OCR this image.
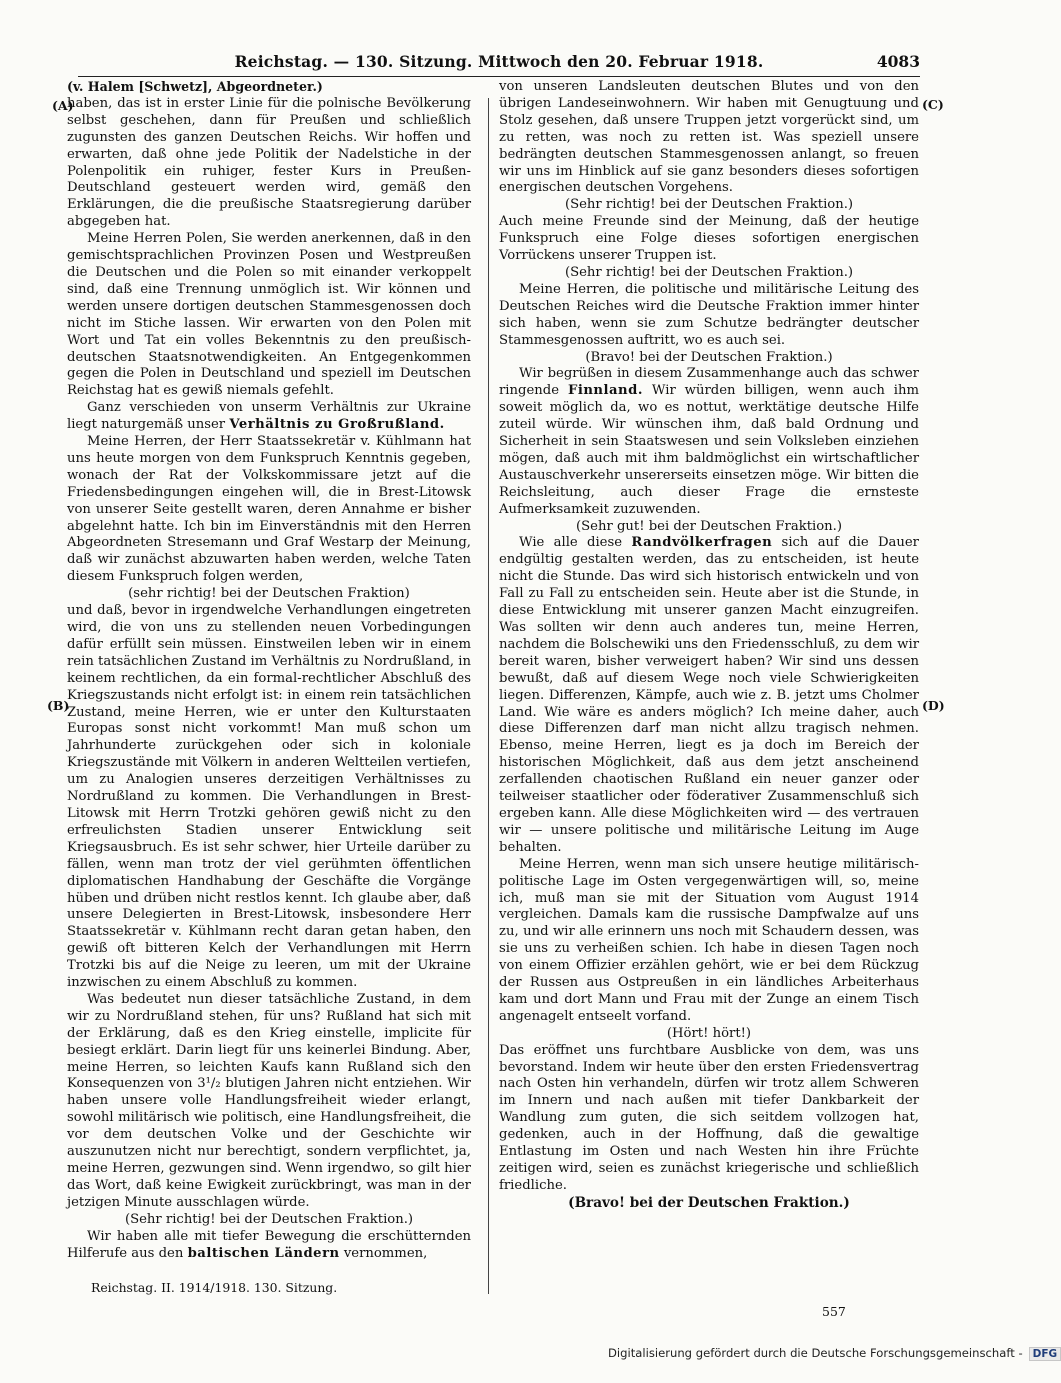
Reichstag. — 130. Sitzung. Mittwoch den 20. Februar 1918.	4083
(A)
(B)
(C)
(D)

(v. Halem [Schwetz], Abgeordneter.)

haben, das ist in erster Linie für die polnische Bevölkerung selbst geschehen, dann für Preußen und schließlich zugunsten des ganzen Deutschen Reichs. Wir hoffen und erwarten, daß ohne jede Politik der Nadelstiche in der Polenpolitik ein ruhiger, fester Kurs in Preußen-Deutschland gesteuert werden wird, gemäß den Erklärungen, die die preußische Staatsregierung darüber abgegeben hat.

Meine Herren Polen, Sie werden anerkennen, daß in den gemischtsprachlichen Provinzen Posen und Westpreußen die Deutschen und die Polen so mit einander verkoppelt sind, daß eine Trennung unmöglich ist. Wir können und werden unsere dortigen deutschen Stammesgenossen doch nicht im Stiche lassen. Wir erwarten von den Polen mit Wort und Tat ein volles Bekenntnis zu den preußisch-deutschen Staatsnotwendigkeiten. An Entgegenkommen gegen die Polen in Deutschland und speziell im Deutschen Reichstag hat es gewiß niemals gefehlt.

Ganz verschieden von unserm Verhältnis zur Ukraine liegt naturgemäß unser Verhältnis zu Großrußland.

Meine Herren, der Herr Staatssekretär v. Kühlmann hat uns heute morgen von dem Funkspruch Kenntnis gegeben, wonach der Rat der Volkskommissare jetzt auf die Friedensbedingungen eingehen will, die in Brest-Litowsk von unserer Seite gestellt waren, deren Annahme er bisher abgelehnt hatte. Ich bin im Einverständnis mit den Herren Abgeordneten Stresemann und Graf Westarp der Meinung, daß wir zunächst abzuwarten haben werden, welche Taten diesem Funkspruch folgen werden,

(sehr richtig! bei der Deutschen Fraktion)

und daß, bevor in irgendwelche Verhandlungen eingetreten wird, die von uns zu stellenden neuen Vorbedingungen dafür erfüllt sein müssen. Einstweilen leben wir in einem rein tatsächlichen Zustand im Verhältnis zu Nordrußland, in keinem rechtlichen, da ein formal-rechtlicher Abschluß des Kriegszustands nicht erfolgt ist: in einem rein tatsächlichen Zustand, meine Herren, wie er unter den Kulturstaaten Europas sonst nicht vorkommt! Man muß schon um Jahrhunderte zurückgehen oder sich in koloniale Kriegszustände mit Völkern in anderen Weltteilen vertiefen, um zu Analogien unseres derzeitigen Verhältnisses zu Nordrußland zu kommen. Die Verhandlungen in Brest-Litowsk mit Herrn Trotzki gehören gewiß nicht zu den erfreulichsten Stadien unserer Entwicklung seit Kriegsausbruch. Es ist sehr schwer, hier Urteile darüber zu fällen, wenn man trotz der viel gerühmten öffentlichen diplomatischen Handhabung der Geschäfte die Vorgänge hüben und drüben nicht restlos kennt. Ich glaube aber, daß unsere Delegierten in Brest-Litowsk, insbesondere Herr Staatssekretär v. Kühlmann recht daran getan haben, den gewiß oft bitteren Kelch der Verhandlungen mit Herrn Trotzki bis auf die Neige zu leeren, um mit der Ukraine inzwischen zu einem Abschluß zu kommen.

Was bedeutet nun dieser tatsächliche Zustand, in dem wir zu Nordrußland stehen, für uns? Rußland hat sich mit der Erklärung, daß es den Krieg einstelle, implicite für besiegt erklärt. Darin liegt für uns keinerlei Bindung. Aber, meine Herren, so leichten Kaufs kann Rußland sich den Konsequenzen von 3¹/₂ blutigen Jahren nicht entziehen. Wir haben unsere volle Handlungsfreiheit wieder erlangt, sowohl militärisch wie politisch, eine Handlungsfreiheit, die vor dem deutschen Volke und der Geschichte wir auszunutzen nicht nur berechtigt, sondern verpflichtet, ja, meine Herren, gezwungen sind. Wenn irgendwo, so gilt hier das Wort, daß keine Ewigkeit zurückbringt, was man in der jetzigen Minute ausschlagen würde.

(Sehr richtig! bei der Deutschen Fraktion.)

Wir haben alle mit tiefer Bewegung die erschütternden Hilferufe aus den baltischen Ländern vernommen,

Reichstag. II. 1914/1918. 130. Sitzung.

von unseren Landsleuten deutschen Blutes und von den übrigen Landeseinwohnern. Wir haben mit Genugtuung und Stolz gesehen, daß unsere Truppen jetzt vorgerückt sind, um zu retten, was noch zu retten ist. Was speziell unsere bedrängten deutschen Stammesgenossen anlangt, so freuen wir uns im Hinblick auf sie ganz besonders dieses sofortigen energischen deutschen Vorgehens.

(Sehr richtig! bei der Deutschen Fraktion.)

Auch meine Freunde sind der Meinung, daß der heutige Funkspruch eine Folge dieses sofortigen energischen Vorrückens unserer Truppen ist.

(Sehr richtig! bei der Deutschen Fraktion.)

Meine Herren, die politische und militärische Leitung des Deutschen Reiches wird die Deutsche Fraktion immer hinter sich haben, wenn sie zum Schutze bedrängter deutscher Stammesgenossen auftritt, wo es auch sei.

(Bravo! bei der Deutschen Fraktion.)

Wir begrüßen in diesem Zusammenhange auch das schwer ringende Finnland. Wir würden billigen, wenn auch ihm soweit möglich da, wo es nottut, werktätige deutsche Hilfe zuteil würde. Wir wünschen ihm, daß bald Ordnung und Sicherheit in sein Staatswesen und sein Volksleben einziehen mögen, daß auch mit ihm baldmöglichst ein wirtschaftlicher Austauschverkehr unsererseits einsetzen möge. Wir bitten die Reichsleitung, auch dieser Frage die ernsteste Aufmerksamkeit zuzuwenden.

(Sehr gut! bei der Deutschen Fraktion.)

Wie alle diese Randvölkerfragen sich auf die Dauer endgültig gestalten werden, das zu entscheiden, ist heute nicht die Stunde. Das wird sich historisch entwickeln und von Fall zu Fall zu entscheiden sein. Heute aber ist die Stunde, in diese Entwicklung mit unserer ganzen Macht einzugreifen. Was sollten wir denn auch anderes tun, meine Herren, nachdem die Bolschewiki uns den Friedensschluß, zu dem wir bereit waren, bisher verweigert haben? Wir sind uns dessen bewußt, daß auf diesem Wege noch viele Schwierigkeiten liegen. Differenzen, Kämpfe, auch wie z. B. jetzt ums Cholmer Land. Wie wäre es anders möglich? Ich meine daher, auch diese Differenzen darf man nicht allzu tragisch nehmen. Ebenso, meine Herren, liegt es ja doch im Bereich der historischen Möglichkeit, daß aus dem jetzt anscheinend zerfallenden chaotischen Rußland ein neuer ganzer oder teilweiser staatlicher oder föderativer Zusammenschluß sich ergeben kann. Alle diese Möglichkeiten wird — des vertrauen wir — unsere politische und militärische Leitung im Auge behalten.

Meine Herren, wenn man sich unsere heutige militärisch-politische Lage im Osten vergegenwärtigen will, so, meine ich, muß man sie mit der Situation vom August 1914 vergleichen. Damals kam die russische Dampfwalze auf uns zu, und wir alle erinnern uns noch mit Schaudern dessen, was sie uns zu verheißen schien. Ich habe in diesen Tagen noch von einem Offizier erzählen gehört, wie er bei dem Rückzug der Russen aus Ostpreußen in ein ländliches Arbeiterhaus kam und dort Mann und Frau mit der Zunge an einem Tisch angenagelt entseelt vorfand.

(Hört! hört!)

Das eröffnet uns furchtbare Ausblicke von dem, was uns bevorstand. Indem wir heute über den ersten Friedensvertrag nach Osten hin verhandeln, dürfen wir trotz allem Schweren im Innern und nach außen mit tiefer Dankbarkeit der Wandlung zum guten, die sich seitdem vollzogen hat, gedenken, auch in der Hoffnung, daß die gewaltige Entlastung im Osten und nach Westen hin ihre Früchte zeitigen wird, seien es zunächst kriegerische und schließlich friedliche.

(Bravo! bei der Deutschen Fraktion.)

557
Digitalisierung gefördert durch die Deutsche Forschungsgemeinschaft - DFG
